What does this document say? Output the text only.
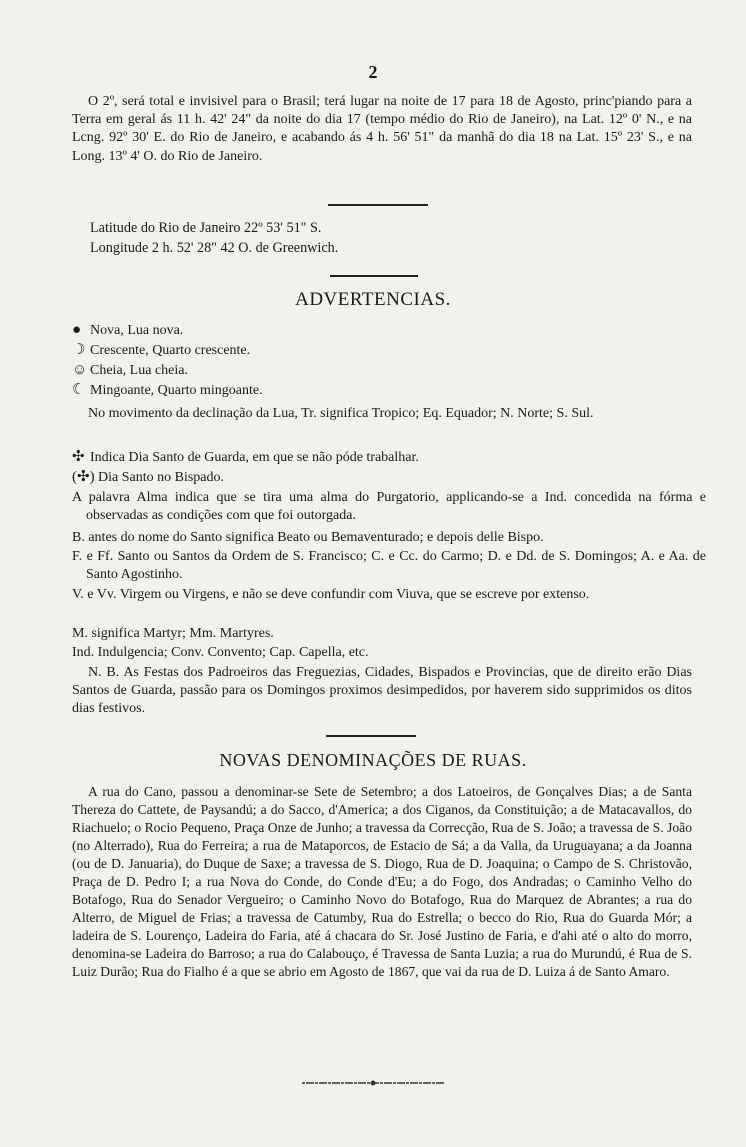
2
O 2º, será total e invisivel para o Brasil; terá lugar na noite de 17 para 18 de Agosto, princ'piando para a Terra em geral ás 11 h. 42' 24" da noite do dia 17 (tempo médio do Rio de Janeiro), na Lat. 12º 0' N., e na Lcng. 92º 30' E. do Rio de Janeiro, e acabando ás 4 h. 56' 51" da manhã do dia 18 na Lat. 15º 23' S., e na Long. 13º 4' O. do Rio de Janeiro.
Latitude do Rio de Janeiro 22º 53' 51" S.
Longitude 2 h. 52' 28" 42 O. de Greenwich.
ADVERTENCIAS.
● Nova, Lua nova.
☽ Crescente, Quarto crescente.
☺ Cheia, Lua cheia.
☾ Mingoante, Quarto mingoante.
No movimento da declinação da Lua, Tr. significa Tropico; Eq. Equador; N. Norte; S. Sul.
✣ Indica Dia Santo de Guarda, em que se não póde trabalhar.
(✣) Dia Santo no Bispado.
A palavra Alma indica que se tira uma alma do Purgatorio, applicando-se a Ind. concedida na fórma e observadas as condições com que foi outorgada.
B. antes do nome do Santo significa Beato ou Bemaventurado; e depois delle Bispo.
F. e Ff. Santo ou Santos da Ordem de S. Francisco; C. e Cc. do Carmo; D. e Dd. de S. Domingos; A. e Aa. de Santo Agostinho.
V. e Vv. Virgem ou Virgens, e não se deve confundir com Viuva, que se escreve por extenso.
M. significa Martyr; Mm. Martyres.
Ind. Indulgencia; Conv. Convento; Cap. Capella, etc.
N. B. As Festas dos Padroeiros das Freguezias, Cidades, Bispados e Provincias, que de direito erão Dias Santos de Guarda, passão para os Domingos proximos desimpedidos, por haverem sido supprimidos os ditos dias festivos.
NOVAS DENOMINAÇÕES DE RUAS.
A rua do Cano, passou a denominar-se Sete de Setembro; a dos Latoeiros, de Gonçalves Dias; a de Santa Thereza do Cattete, de Paysandú; a do Sacco, d'America; a dos Ciganos, da Constituição; a de Matacavallos, do Riachuelo; o Rocio Pequeno, Praça Onze de Junho; a travessa da Correcção, Rua de S. João; a travessa de S. João (no Alterrado), Rua do Ferreira; a rua de Mataporcos, de Estacio de Sá; a da Valla, da Uruguayana; a da Joanna (ou de D. Januaria), do Duque de Saxe; a travessa de S. Diogo, Rua de D. Joaquina; o Campo de S. Christovão, Praça de D. Pedro I; a rua Nova do Conde, do Conde d'Eu; a do Fogo, dos Andradas; o Caminho Velho do Botafogo, Rua do Senador Vergueiro; o Caminho Novo do Botafogo, Rua do Marquez de Abrantes; a rua do Alterro, de Miguel de Frias; a travessa de Catumby, Rua do Estrella; o becco do Rio, Rua do Guarda Mór; a ladeira de S. Lourenço, Ladeira do Faria, até á chacara do Sr. José Justino de Faria, e d'ahi até o alto do morro, denomina-se Ladeira do Barroso; a rua do Calabouço, é Travessa de Santa Luzia; a rua do Murundú, é Rua de S. Luiz Durão; Rua do Fialho é a que se abrio em Agosto de 1867, que vai da rua de D. Luiza á de Santo Amaro.
